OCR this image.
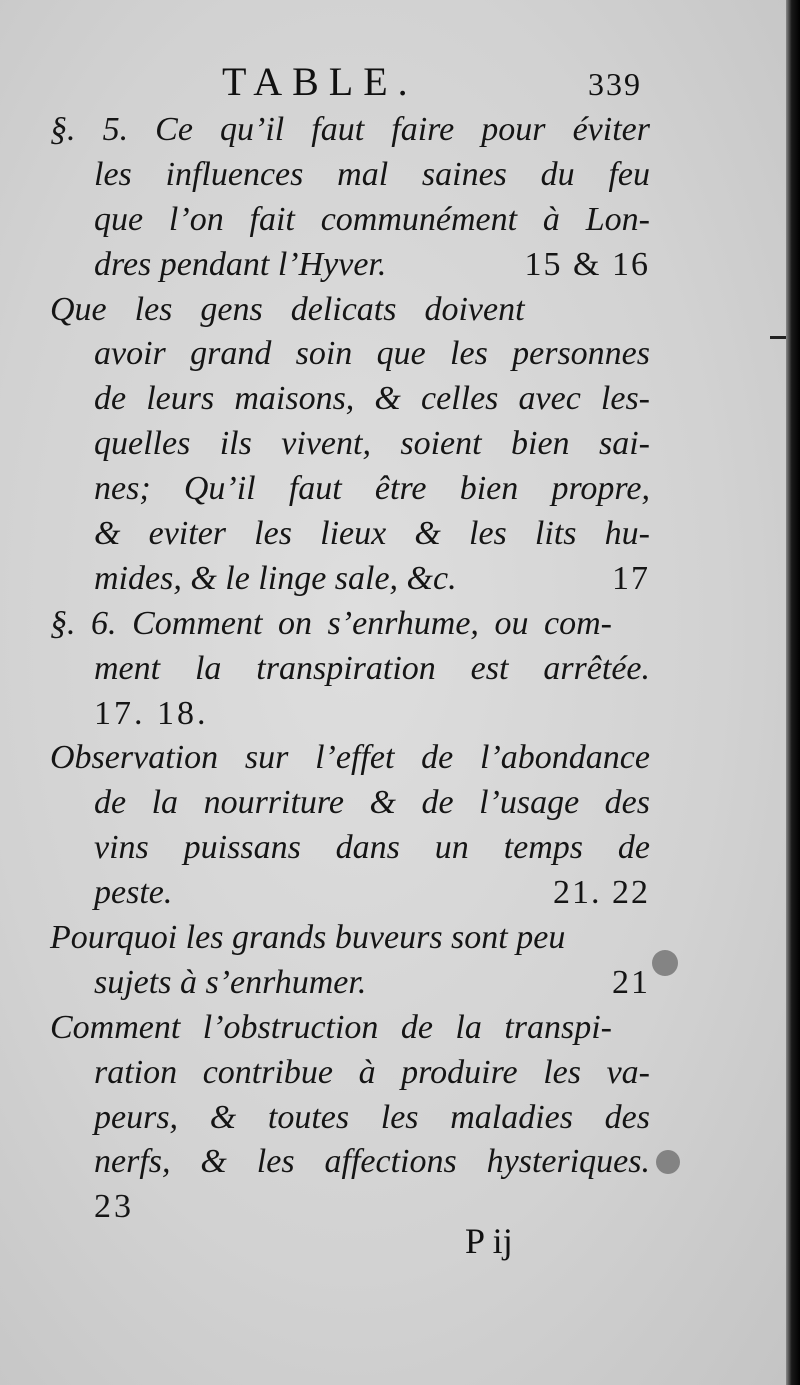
TABLE.	339
§. 5. Ce qu’il faut faire pour éviter
les influences mal saines du feu
que l’on fait communément à Lon-
dres pendant l’Hyver.	15 & 16
Que les gens delicats doivent
avoir grand soin que les personnes
de leurs maisons, & celles avec les-
quelles ils vivent, soient bien sai-
nes; Qu’il faut être bien propre,
& eviter les lieux & les lits hu-
mides, & le linge sale, &c.	17
§. 6. Comment on s’enrhume, ou com-
ment la transpiration est arrêtée.
17. 18.
Observation sur l’effet de l’abondance
de la nourriture & de l’usage des
vins puissans dans un temps de
peste.	21. 22
Pourquoi les grands buveurs sont peu
sujets à s’enrhumer.	21
Comment l’obstruction de la transpi-
ration contribue à produire les va-
peurs, & toutes les maladies des
nerfs, & les affections hysteriques.
23
P ij
